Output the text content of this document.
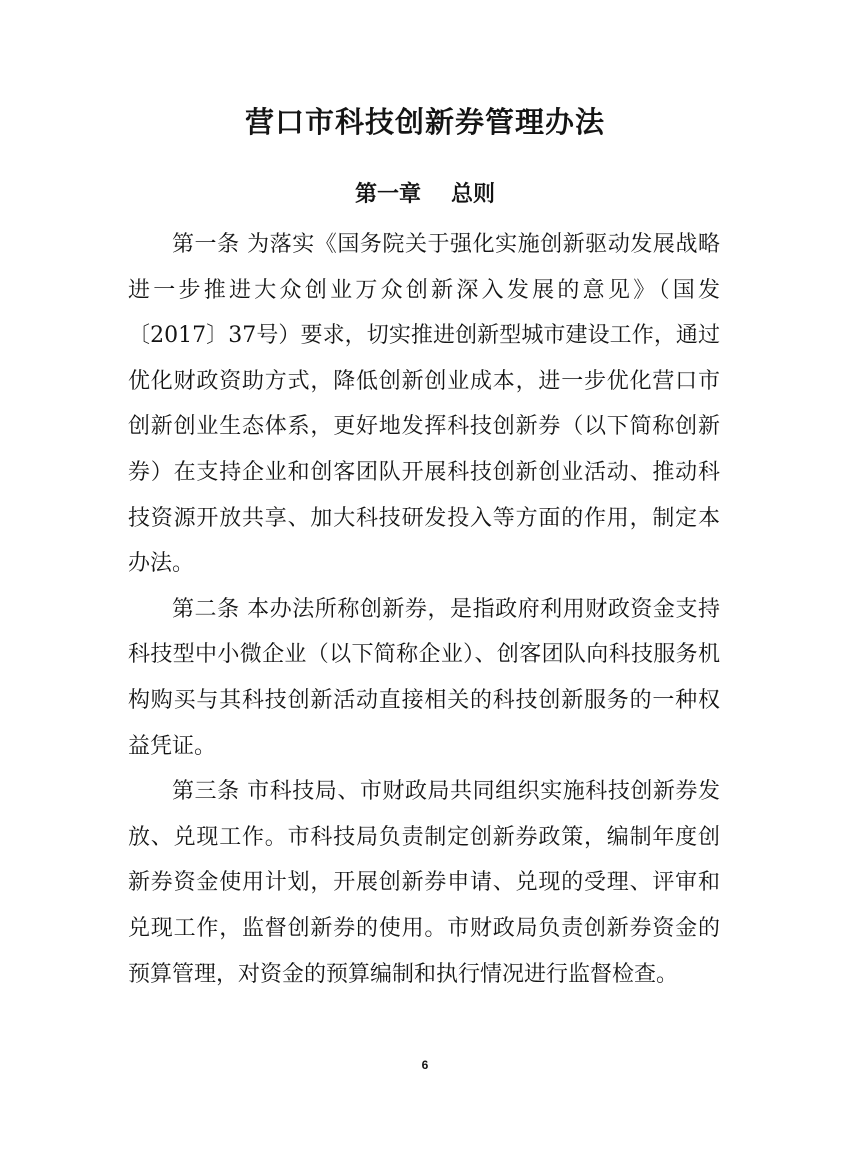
营口市科技创新券管理办法
第一章 总则

第一条 为落实《国务院关于强化实施创新驱动发展战略 进一步推进大众创业万众创新深入发展的意见》（国发〔2017〕37号）要求，切实推进创新型城市建设工作，通过优化财政资助方式，降低创新创业成本，进一步优化营口市创新创业生态体系，更好地发挥科技创新券（以下简称创新券）在支持企业和创客团队开展科技创新创业活动、推动科技资源开放共享、加大科技研发投入等方面的作用，制定本办法。

第二条 本办法所称创新券，是指政府利用财政资金支持科技型中小微企业（以下简称企业）、创客团队向科技服务机构购买与其科技创新活动直接相关的科技创新服务的一种权益凭证。

第三条 市科技局、市财政局共同组织实施科技创新券发放、兑现工作。市科技局负责制定创新券政策，编制年度创新券资金使用计划，开展创新券申请、兑现的受理、评审和兑现工作，监督创新券的使用。市财政局负责创新券资金的预算管理，对资金的预算编制和执行情况进行监督检查。

6
